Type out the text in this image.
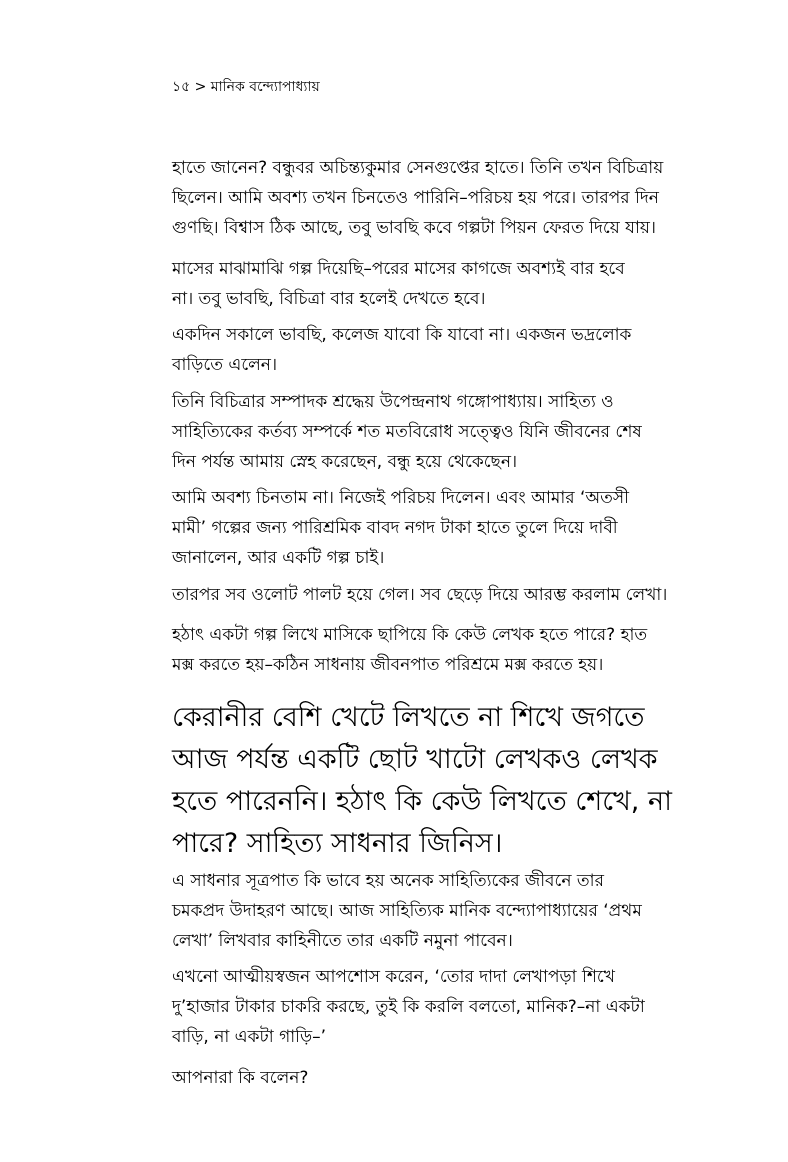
১৫ > মানিক বন্দ্যোপাধ্যায়

হাতে জানেন? বন্ধুবর অচিন্ত্যকুমার সেনগুপ্তের হাতে। তিনি তখন বিচিত্রায়
ছিলেন। আমি অবশ্য তখন চিনতেও পারিনি–পরিচয় হয় পরে। তারপর দিন
গুণছি। বিশ্বাস ঠিক আছে, তবু ভাবছি কবে গল্পটা পিয়ন ফেরত দিয়ে যায়।

মাসের মাঝামাঝি গল্প দিয়েছি–পরের মাসের কাগজে অবশ্যই বার হবে
না। তবু ভাবছি, বিচিত্রা বার হলেই দেখতে হবে।

একদিন সকালে ভাবছি, কলেজ যাবো কি যাবো না। একজন ভদ্রলোক
বাড়িতে এলেন।

তিনি বিচিত্রার সম্পাদক শ্রদ্ধেয় উপেন্দ্রনাথ গঙ্গোপাধ্যায়। সাহিত্য ও
সাহিত্যিকের কর্তব্য সম্পর্কে শত মতবিরোধ সত্ত্বেও যিনি জীবনের শেষ
দিন পর্যন্ত আমায় স্নেহ করেছেন, বন্ধু হয়ে থেকেছেন।

আমি অবশ্য চিনতাম না। নিজেই পরিচয় দিলেন। এবং আমার ‘অতসী
মামী’ গল্পের জন্য পারিশ্রমিক বাবদ নগদ টাকা হাতে তুলে দিয়ে দাবী
জানালেন, আর একটি গল্প চাই।

তারপর সব ওলোট পালট হয়ে গেল। সব ছেড়ে দিয়ে আরম্ভ করলাম লেখা।

হঠাৎ একটা গল্প লিখে মাসিকে ছাপিয়ে কি কেউ লেখক হতে পারে? হাত
মক্স করতে হয়–কঠিন সাধনায় জীবনপাত পরিশ্রমে মক্স করতে হয়।

কেরানীর বেশি খেটে লিখতে না শিখে জগতে
আজ পর্যন্ত একটি ছোট খাটো লেখকও লেখক
হতে পারেননি। হঠাৎ কি কেউ লিখতে শেখে, না
পারে? সাহিত্য সাধনার জিনিস।

এ সাধনার সূত্রপাত কি ভাবে হয় অনেক সাহিত্যিকের জীবনে তার
চমকপ্রদ উদাহরণ আছে। আজ সাহিত্যিক মানিক বন্দ্যোপাধ্যায়ের ‘প্রথম
লেখা’ লিখবার কাহিনীতে তার একটি নমুনা পাবেন।

এখনো আত্মীয়স্বজন আপশোস করেন, ‘তোর দাদা লেখাপড়া শিখে
দু’হাজার টাকার চাকরি করছে, তুই কি করলি বলতো, মানিক?–না একটা
বাড়ি, না একটা গাড়ি–’

আপনারা কি বলেন?
